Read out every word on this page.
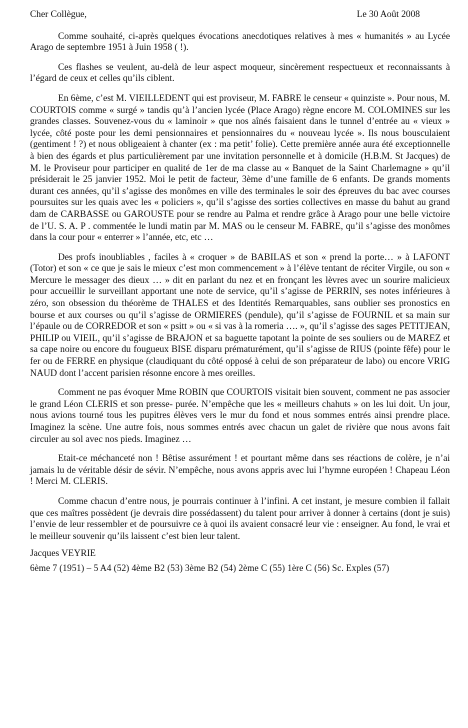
Cher Collègue,	Le 30 Août 2008

Comme souhaité, ci-après quelques évocations anecdotiques relatives à mes « humanités » au Lycée Arago de septembre 1951 à Juin 1958 ( !).

Ces flashes se veulent, au-delà de leur aspect moqueur, sincèrement respectueux et reconnaissants à l’égard de ceux et celles qu’ils ciblent.

En 6ème, c’est M. VIEILLEDENT qui est proviseur, M. FABRE le censeur « quinziste ». Pour nous, M. COURTOIS comme « surgé » tandis qu’à l’ancien lycée (Place Arago) règne encore M. COLOMINES sur les grandes classes. Souvenez-vous du « laminoir » que nos aînés faisaient dans le tunnel d’entrée au « vieux » lycée, côté poste pour les demi pensionnaires et pensionnaires du « nouveau lycée ». Ils nous bousculaient (gentiment ! ?) et nous obligeaient à chanter (ex : ma petit’ folie). Cette première année aura été exceptionnelle à bien des égards et plus particulièrement par une invitation personnelle et à domicile (H.B.M. St Jacques) de M. le Proviseur pour participer en qualité de 1er de ma classe au « Banquet de la Saint Charlemagne » qu’il présiderait le 25 janvier 1952. Moi le petit de facteur, 3ème d’une famille de 6 enfants. De grands moments durant ces années, qu’il s’agisse des monômes en ville des terminales le soir des épreuves du bac avec courses poursuites sur les quais avec les « policiers », qu’il s’agisse des sorties collectives en masse du bahut au grand dam de CARBASSE ou GAROUSTE pour se rendre au Palma et rendre grâce à Arago pour une belle victoire de l’U. S. A. P . commentée le lundi matin par M. MAS ou le censeur M. FABRE, qu’il s’agisse des monômes dans la cour pour « enterrer » l’année, etc, etc …

Des profs inoubliables , faciles à « croquer » de BABILAS et son « prend la porte… » à LAFONT (Totor) et son « ce que je sais le mieux c’est mon commencement » à l’élève tentant de réciter Virgile, ou son « Mercure le messager des dieux … » dit en parlant du nez et en fronçant les lèvres avec un sourire malicieux pour accueillir le surveillant apportant une note de service, qu’il s’agisse de PERRIN, ses notes inférieures à zéro, son obsession du théorème de THALES et des Identités Remarquables, sans oublier ses pronostics en bourse et aux courses ou qu’il s’agisse de ORMIERES (pendule), qu’il s’agisse de FOURNIL et sa main sur l’épaule ou de CORREDOR et son « psitt » ou « si vas à la romeria …. », qu’il s’agisse des sages PETITJEAN, PHILIP ou VIEIL, qu’il s’agisse de BRAJON et sa baguette tapotant la pointe de ses souliers ou de MAREZ et sa cape noire ou encore du fougueux BISE disparu prématurément, qu’il s’agisse de RIUS (pointe fêfe) pour le fer ou de FERRE en physique (claudiquant du côté opposé à celui de son préparateur de labo) ou encore VRIG NAUD dont l’accent parisien résonne encore à mes oreilles.

Comment ne pas évoquer Mme ROBIN que COURTOIS visitait bien souvent, comment ne pas associer le grand Léon CLERIS et son presse- purée. N’empêche que les « meilleurs chahuts » on les lui doit. Un jour, nous avions tourné tous les pupitres élèves vers le mur du fond et nous sommes entrés ainsi prendre place. Imaginez la scène. Une autre fois, nous sommes entrés avec chacun un galet de rivière que nous avons fait circuler au sol avec nos pieds. Imaginez …

Etait-ce méchanceté non ! Bêtise assurément ! et pourtant même dans ses réactions de colère, je n’ai jamais lu de véritable désir de sévir. N’empêche, nous avons appris avec lui l’hymne européen ! Chapeau Léon ! Merci M. CLERIS.

Comme chacun d’entre nous, je pourrais continuer à l’infini. A cet instant, je mesure combien il fallait que ces maîtres possèdent (je devrais dire possédassent) du talent pour arriver à donner à certains (dont je suis) l’envie de leur ressembler et de poursuivre ce à quoi ils avaient consacré leur vie : enseigner. Au fond, le vrai et le meilleur souvenir qu’ils laissent c’est bien leur talent.

Jacques VEYRIE
6ème 7 (1951) – 5 A4 (52) 4ème B2 (53) 3ème B2 (54) 2ème C (55) 1ère C (56) Sc. Exples (57)
